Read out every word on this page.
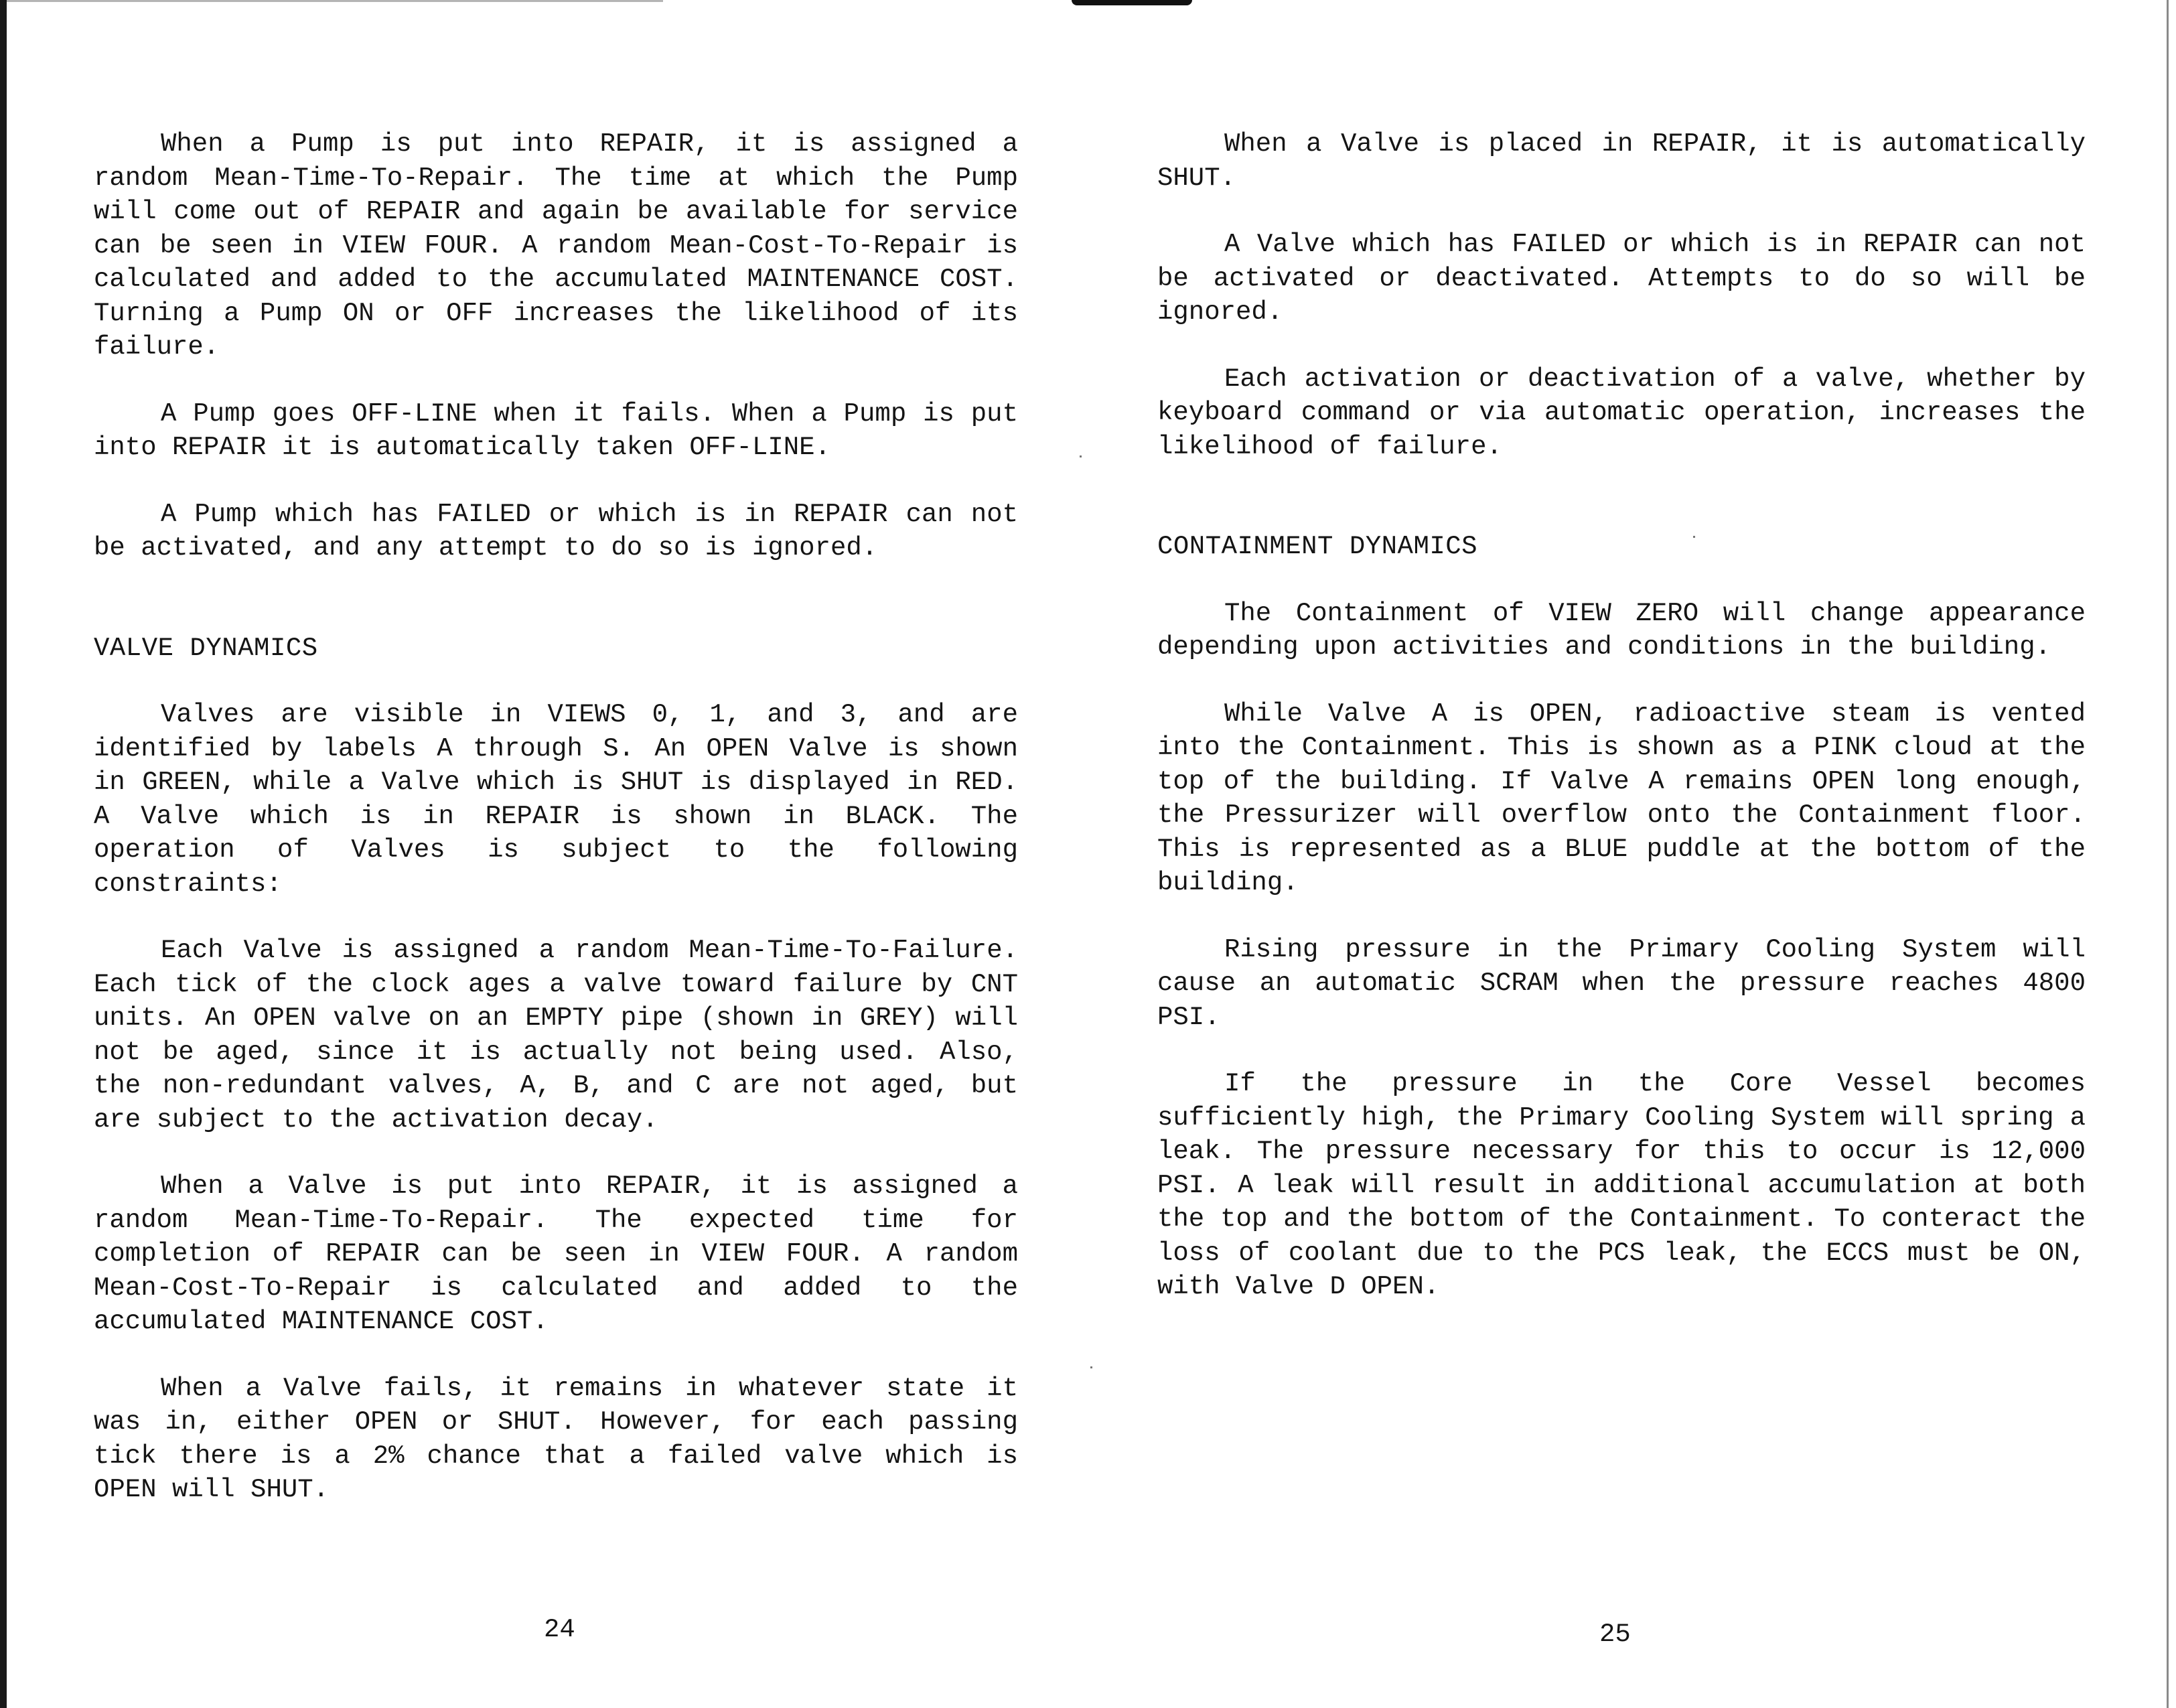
When a Pump is put into REPAIR, it is assigned a random Mean-Time-To-Repair. The time at which the Pump will come out of REPAIR and again be available for service can be seen in VIEW FOUR. A random Mean-Cost-To-Repair is calculated and added to the accumulated MAINTENANCE COST. Turning a Pump ON or OFF increases the likelihood of its failure.

A Pump goes OFF-LINE when it fails. When a Pump is put into REPAIR it is automatically taken OFF-LINE.

A Pump which has FAILED or which is in REPAIR can not be activated, and any attempt to do so is ignored.

VALVE DYNAMICS

Valves are visible in VIEWS 0, 1, and 3, and are identified by labels A through S. An OPEN Valve is shown in GREEN, while a Valve which is SHUT is displayed in RED. A Valve which is in REPAIR is shown in BLACK. The operation of Valves is subject to the following constraints:

Each Valve is assigned a random Mean-Time-To-Failure. Each tick of the clock ages a valve toward failure by CNT units. An OPEN valve on an EMPTY pipe (shown in GREY) will not be aged, since it is actually not being used. Also, the non-redundant valves, A, B, and C are not aged, but are subject to the activation decay.

When a Valve is put into REPAIR, it is assigned a random Mean-Time-To-Repair. The expected time for completion of REPAIR can be seen in VIEW FOUR. A random Mean-Cost-To-Repair is calculated and added to the accumulated MAINTENANCE COST.

When a Valve fails, it remains in whatever state it was in, either OPEN or SHUT. However, for each passing tick there is a 2% chance that a failed valve which is OPEN will SHUT.

24

When a Valve is placed in REPAIR, it is automatically SHUT.

A Valve which has FAILED or which is in REPAIR can not be activated or deactivated. Attempts to do so will be ignored.

Each activation or deactivation of a valve, whether by keyboard command or via automatic operation, increases the likelihood of failure.

CONTAINMENT DYNAMICS

The Containment of VIEW ZERO will change appearance depending upon activities and conditions in the building.

While Valve A is OPEN, radioactive steam is vented into the Containment. This is shown as a PINK cloud at the top of the building. If Valve A remains OPEN long enough, the Pressurizer will overflow onto the Containment floor. This is represented as a BLUE puddle at the bottom of the building.

Rising pressure in the Primary Cooling System will cause an automatic SCRAM when the pressure reaches 4800 PSI.

If the pressure in the Core Vessel becomes sufficiently high, the Primary Cooling System will spring a leak. The pressure necessary for this to occur is 12,000 PSI. A leak will result in additional accumulation at both the top and the bottom of the Containment. To conteract the loss of coolant due to the PCS leak, the ECCS must be ON, with Valve D OPEN.

25
